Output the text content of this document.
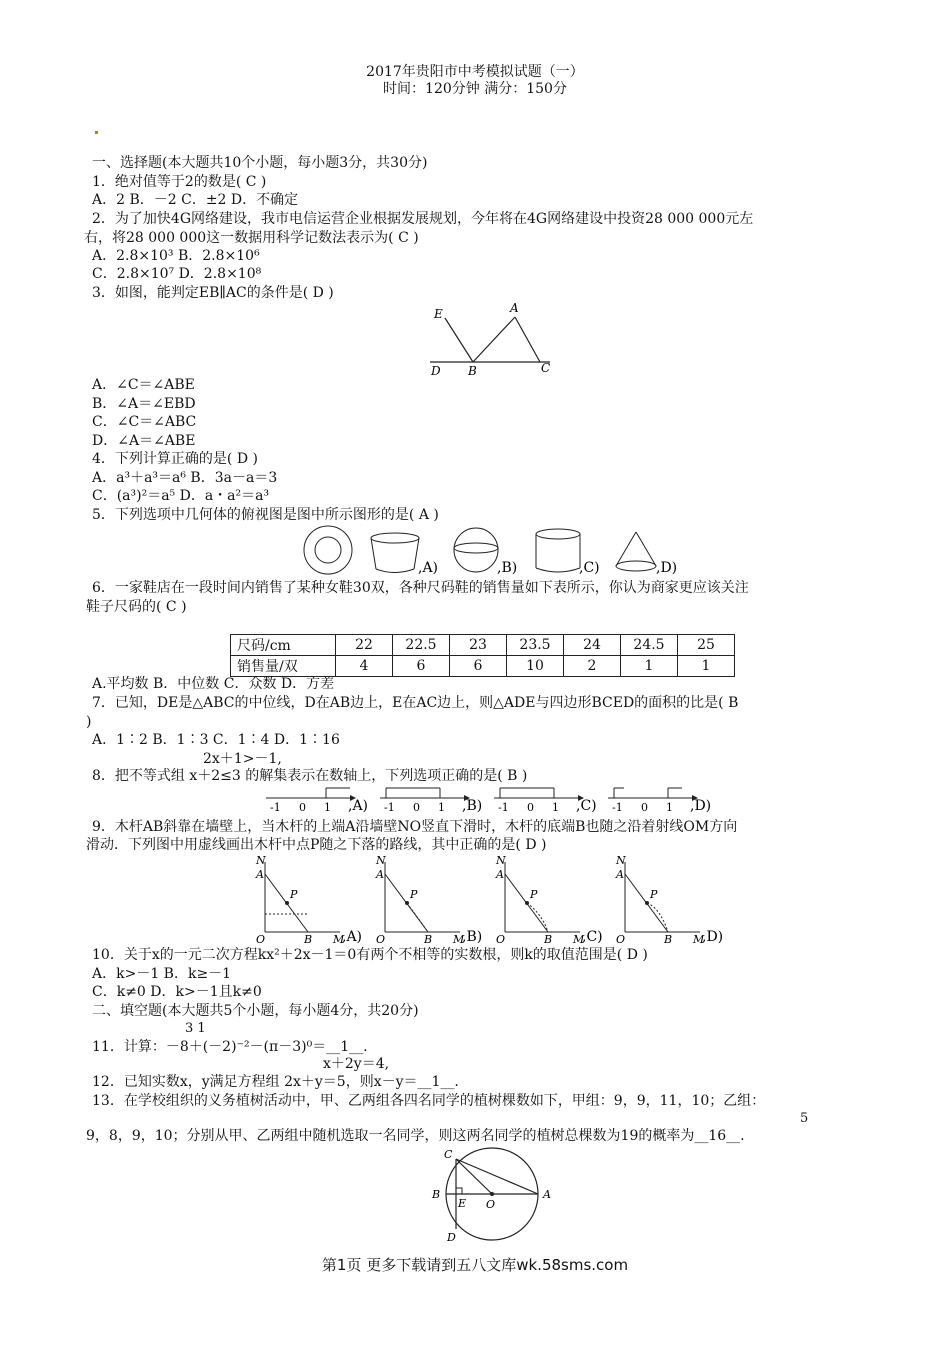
2017年贵阳市中考模拟试题（一）
时间：120分钟 满分：150分
一、选择题(本大题共10个小题，每小题3分，共30分)
1．绝对值等于2的数是( C )
A．2 B．－2 C．±2 D．不确定
2．为了加快4G网络建设，我市电信运营企业根据发展规划，今年将在4G网络建设中投资28 000 000元左
右，将28 000 000这一数据用科学记数法表示为( C )
A．2.8×10³ B．2.8×10⁶
C．2.8×10⁷ D．2.8×10⁸
3．如图，能判定EB∥AC的条件是( D )
E	A
D B	C
A．∠C＝∠ABE
B．∠A＝∠EBD
C．∠C＝∠ABC
D．∠A＝∠ABE
4．下列计算正确的是( D )
A．a³＋a³＝a⁶ B．3a－a＝3
C．(a³)²＝a⁵ D．a・a²＝a³
5．下列选项中几何体的俯视图是图中所示图形的是( A )
,A)	,B)	,C)	,D)
6．一家鞋店在一段时间内销售了某种女鞋30双，各种尺码鞋的销售量如下表所示，你认为商家更应该关注
鞋子尺码的( C )
尺码/cm	22	22.5	23	23.5	24	24.5	25
销售量/双	4	6	6	10	2	1	1
A.平均数 B．中位数 C．众数 D．方差
7．已知，DE是△ABC的中位线，D在AB边上，E在AC边上，则△ADE与四边形BCED的面积的比是( B
)
A．1∶2 B．1∶3 C．1∶4 D．1∶16
2x＋1>－1,
8．把不等式组 x＋2≤3 的解集表示在数轴上，下列选项正确的是( B )
-1 0 1 ,A) -1 0 1 ,B) -1 0 1 ,C) -1 0 1 ,D)
9．木杆AB斜靠在墙壁上，当木杆的上端A沿墙壁NO竖直下滑时，木杆的底端B也随之沿着射线OM方向
滑动．下列图中用虚线画出木杆中点P随之下落的路线，其中正确的是( D )
N
A
P
O	B M
,A)
N
A
P
O	B M
,B)
N
A
P
O	B M
,C)
N
A
P
O	B M
,D)
10．关于x的一元二次方程kx²＋2x－1＝0有两个不相等的实数根，则k的取值范围是( D )
A．k>－1 B．k≥－1
C．k≠0 D．k>－1且k≠0
二、填空题(本大题共5个小题，每小题4分，共20分)
3 1
11．计算：－8＋(－2)⁻²－(π－3)⁰＝__1__.
x＋2y＝4,
12．已知实数x，y满足方程组 2x＋y＝5，则x－y＝__1__.
13．在学校组织的义务植树活动中，甲、乙两组各四名同学的植树棵数如下，甲组：9，9，11，10；乙组：
5
9，8，9，10；分别从甲、乙两组中随机选取一名同学，则这两名同学的植树总棵数为19的概率为__16__.
C
B
E O
A
D
第1页 更多下载请到五八文库wk.58sms.com
